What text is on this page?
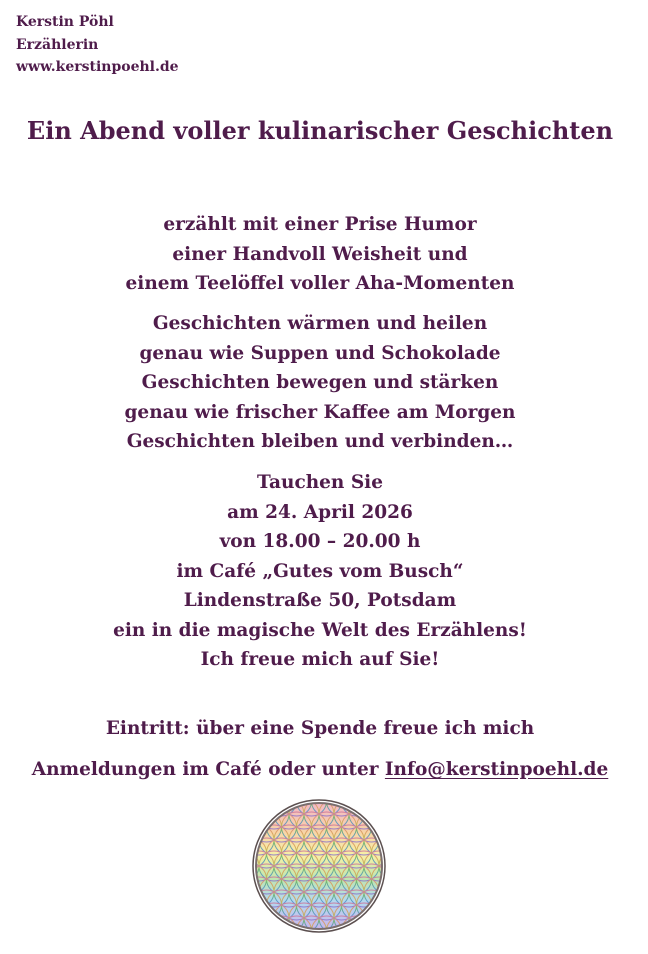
Kerstin Pöhl
Erzählerin
www.kerstinpoehl.de
Ein Abend voller kulinarischer Geschichten
erzählt mit einer Prise Humor
einer Handvoll Weisheit und
einem Teelöffel voller Aha-Momenten
Geschichten wärmen und heilen
genau wie Suppen und Schokolade
Geschichten bewegen und stärken
genau wie frischer Kaffee am Morgen
Geschichten bleiben und verbinden…
Tauchen Sie
am 24. April 2026
von 18.00 – 20.00 h
im Café „Gutes vom Busch“
Lindenstraße 50, Potsdam
ein in die magische Welt des Erzählens!
Ich freue mich auf Sie!
Eintritt: über eine Spende freue ich mich
Anmeldungen im Café oder unter Info@kerstinpoehl.de
